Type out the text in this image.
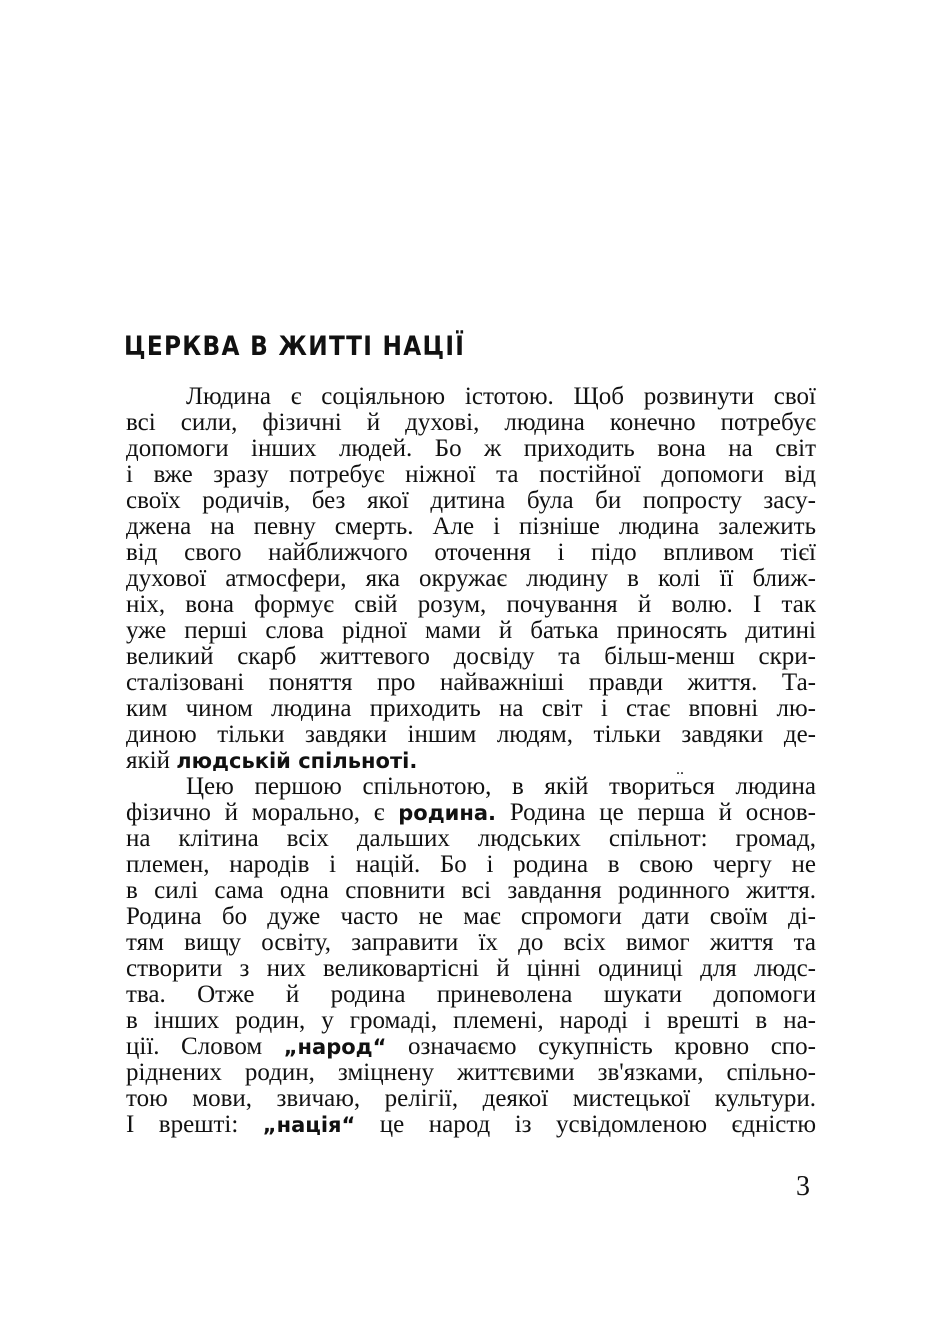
ЦЕРКВА В ЖИТТІ НАЦІЇ
Людина є соціяльною істотою. Щоб розвинути свої
всі сили, фізичні й духові, людина конечно потребує
допомоги інших людей. Бо ж приходить вона на світ
і вже зразу потребує ніжної та постійної допомоги від
своїх родичів, без якої дитина була би попросту засу-
джена на певну смерть. Але і пізніше людина залежить
від свого найближчого оточення і підо впливом тієї
духової атмосфери, яка окружає людину в колі її ближ-
ніх, вона формує свій розум, почування й волю. І так
уже перші слова рідної мами й батька приносять дитині
великий скарб життевого досвіду та більш-менш скри-
сталізовані поняття про найважніші правди життя. Та-
ким чином людина приходить на світ і стає вповні лю-
диною тільки завдяки іншим людям, тільки завдяки де-
якій людській спільноті.
Цею першою спільнотою, в якій твориться людина
фізично й морально, є родина. Родина це перша й основ-
на клітина всіх дальших людських спільнот: громад,
племен, народів і націй. Бо і родина в свою чергу не
в силі сама одна сповнити всі завдання родинного життя.
Родина бо дуже часто не має спромоги дати своїм ді-
тям вищу освіту, заправити їх до всіх вимог життя та
створити з них великовартісні й цінні одиниці для людс-
тва. Отже й родина приневолена шукати допомоги
в інших родин, у громаді, племені, народі і врешті в на-
ції. Словом „народ“ означаємо сукупність кровно спо-
ріднених родин, зміцнену життєвими зв'язками, спільно-
тою мови, звичаю, релігії, деякої мистецької культури.
І врешті: „нація“ це народ із усвідомленою єдністю
..
3
